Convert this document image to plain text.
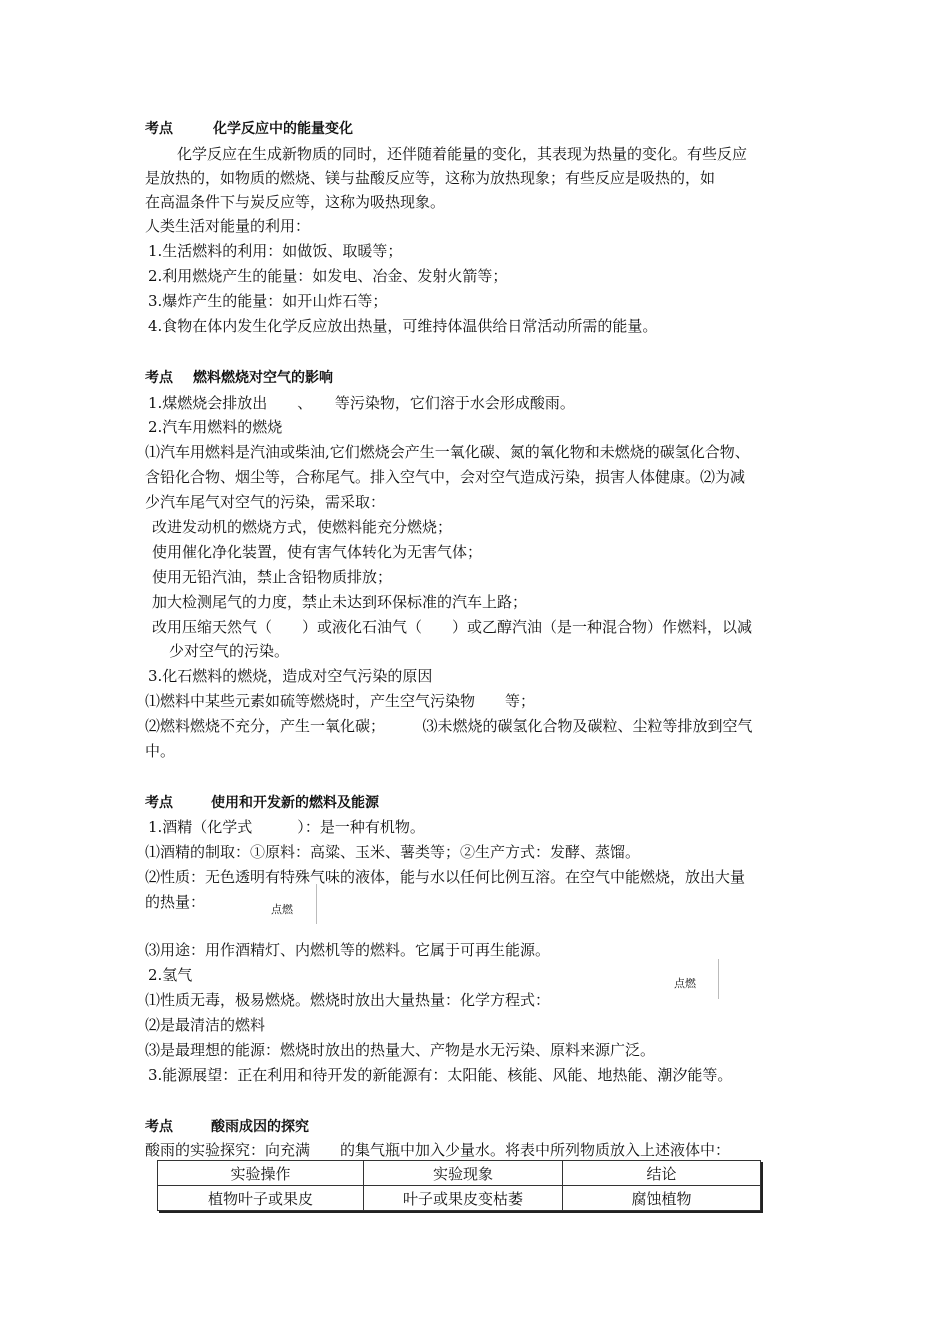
考点	化学反应中的能量变化
化学反应在生成新物质的同时，还伴随着能量的变化，其表现为热量的变化。有些反应
是放热的，如物质的燃烧、镁与盐酸反应等，这称为放热现象；有些反应是吸热的，如
在高温条件下与炭反应等，这称为吸热现象。
人类生活对能量的利用：
1.生活燃料的利用：如做饭、取暖等；
2.利用燃烧产生的能量：如发电、冶金、发射火箭等；
3.爆炸产生的能量：如开山炸石等；
4.食物在体内发生化学反应放出热量，可维持体温供给日常活动所需的能量。
考点 燃料燃烧对空气的影响
1.煤燃烧会排放出　　、　　等污染物，它们溶于水会形成酸雨。
2.汽车用燃料的燃烧
⑴汽车用燃料是汽油或柴油,它们燃烧会产生一氧化碳、氮的氧化物和未燃烧的碳氢化合物、
含铅化合物、烟尘等，合称尾气。排入空气中，会对空气造成污染，损害人体健康。⑵为减
少汽车尾气对空气的污染，需采取：
改进发动机的燃烧方式，使燃料能充分燃烧；
使用催化净化装置，使有害气体转化为无害气体；
使用无铅汽油，禁止含铅物质排放；
加大检测尾气的力度，禁止未达到环保标准的汽车上路；
改用压缩天然气（　　）或液化石油气（　　）或乙醇汽油（是一种混合物）作燃料，以减
少对空气的污染。
3.化石燃料的燃烧，造成对空气污染的原因
⑴燃料中某些元素如硫等燃烧时，产生空气污染物　　等；
⑵燃料燃烧不充分，产生一氧化碳；　　　⑶未燃烧的碳氢化合物及碳粒、尘粒等排放到空气
中。
考点	使用和开发新的燃料及能源
1.酒精（化学式　　　）：是一种有机物。
⑴酒精的制取：①原料：高粱、玉米、薯类等；②生产方式：发酵、蒸馏。
⑵性质：无色透明有特殊气味的液体，能与水以任何比例互溶。在空气中能燃烧，放出大量
的热量：	点燃
⑶用途：用作酒精灯、内燃机等的燃料。它属于可再生能源。
2.氢气	点燃
⑴性质无毒，极易燃烧。燃烧时放出大量热量：化学方程式：
⑵是最清洁的燃料
⑶是最理想的能源：燃烧时放出的热量大、产物是水无污染、原料来源广泛。
3.能源展望：正在利用和待开发的新能源有：太阳能、核能、风能、地热能、潮汐能等。
考点	酸雨成因的探究
酸雨的实验探究：向充满　　的集气瓶中加入少量水。将表中所列物质放入上述液体中：
实验操作	实验现象	结论
植物叶子或果皮	叶子或果皮变枯萎	腐蚀植物
